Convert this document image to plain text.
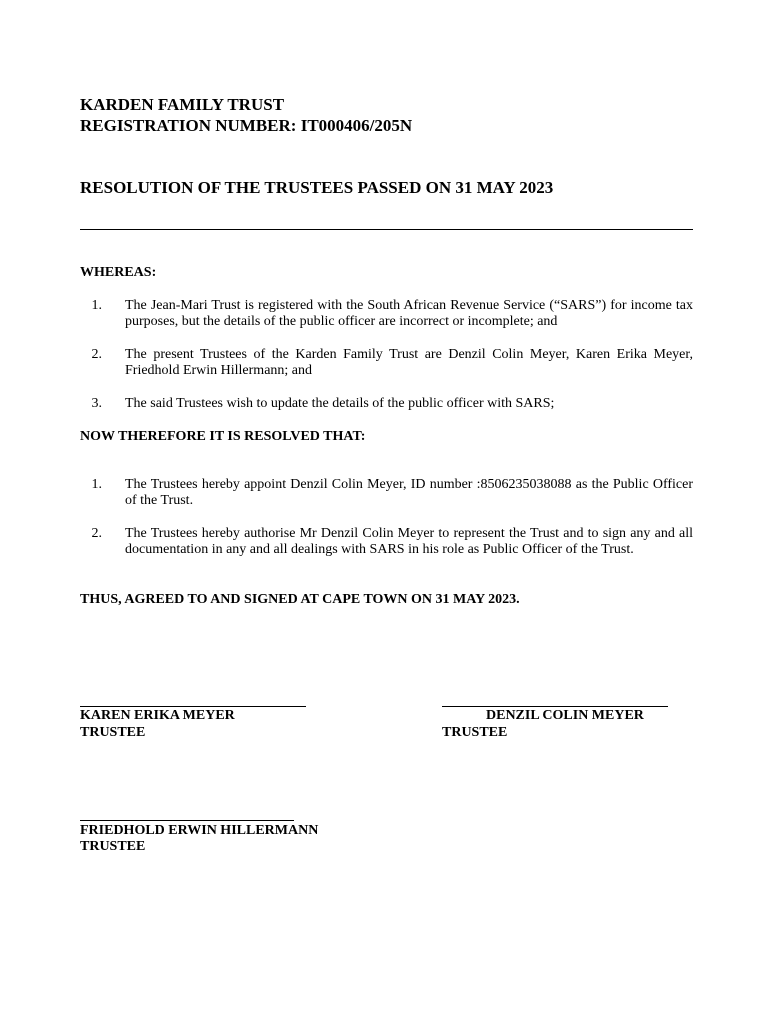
KARDEN FAMILY TRUST
REGISTRATION NUMBER: IT000406/205N
RESOLUTION OF THE TRUSTEES PASSED ON 31 MAY 2023
WHEREAS:
1. The Jean-Mari Trust is registered with the South African Revenue Service (“SARS”) for income tax purposes, but the details of the public officer are incorrect or incomplete; and
2. The present Trustees of the Karden Family Trust are Denzil Colin Meyer, Karen Erika Meyer, Friedhold Erwin Hillermann; and
3. The said Trustees wish to update the details of the public officer with SARS;
NOW THEREFORE IT IS RESOLVED THAT:
1. The Trustees hereby appoint Denzil Colin Meyer, ID number :8506235038088 as the Public Officer of the Trust.
2. The Trustees hereby authorise Mr Denzil Colin Meyer to represent the Trust and to sign any and all documentation in any and all dealings with SARS in his role as Public Officer of the Trust.
THUS, AGREED TO AND SIGNED AT CAPE TOWN ON 31 MAY 2023.
KAREN ERIKA MEYER
TRUSTEE
DENZIL COLIN MEYER
TRUSTEE
FRIEDHOLD ERWIN HILLERMANN
TRUSTEE
